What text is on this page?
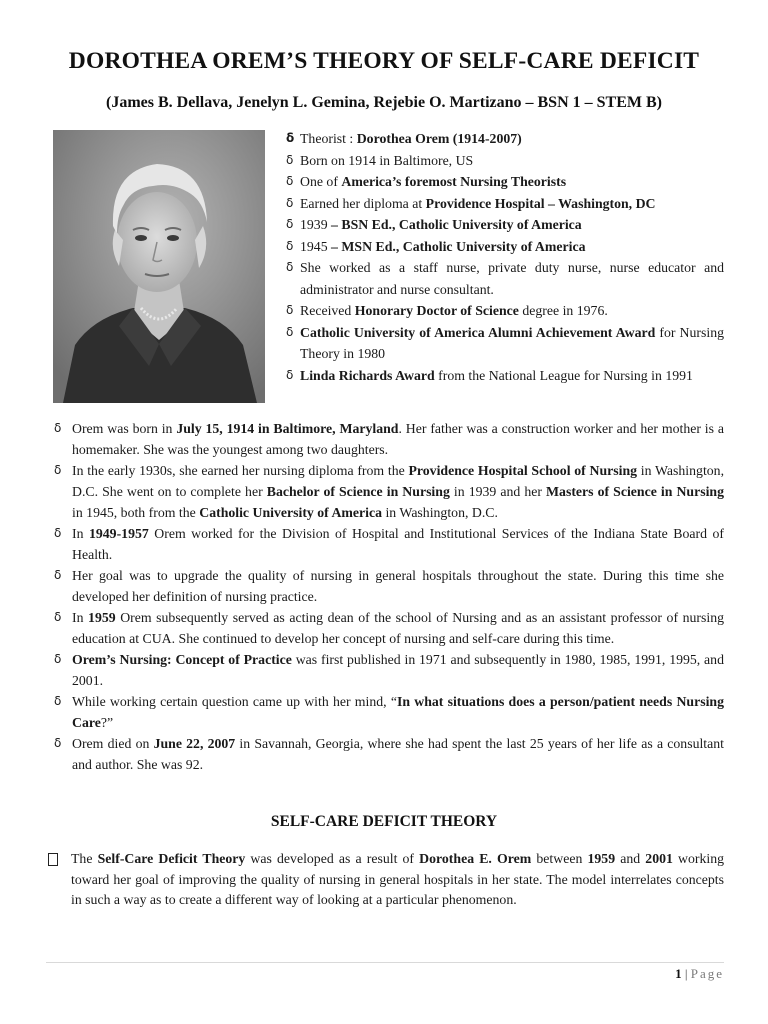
DOROTHEA OREM’S THEORY OF SELF-CARE DEFICIT
(James B. Dellava, Jenelyn L. Gemina, Rejebie O. Martizano – BSN 1 – STEM B)
δ Theorist : Dorothea Orem (1914-2007)
δ Born on 1914 in Baltimore, US
δ One of America’s foremost Nursing Theorists
δ Earned her diploma at Providence Hospital – Washington, DC
δ 1939 – BSN Ed., Catholic University of America
δ 1945 – MSN Ed., Catholic University of America
δ She worked as a staff nurse, private duty nurse, nurse educator and administrator and nurse consultant.
δ Received Honorary Doctor of Science degree in 1976.
δ Catholic University of America Alumni Achievement Award for Nursing Theory in 1980
δ Linda Richards Award from the National League for Nursing in 1991
δ Orem was born in July 15, 1914 in Baltimore, Maryland. Her father was a construction worker and her mother is a homemaker. She was the youngest among two daughters.
δ In the early 1930s, she earned her nursing diploma from the Providence Hospital School of Nursing in Washington, D.C. She went on to complete her Bachelor of Science in Nursing in 1939 and her Masters of Science in Nursing in 1945, both from the Catholic University of America in Washington, D.C.
δ In 1949-1957 Orem worked for the Division of Hospital and Institutional Services of the Indiana State Board of Health.
δ Her goal was to upgrade the quality of nursing in general hospitals throughout the state. During this time she developed her definition of nursing practice.
δ In 1959 Orem subsequently served as acting dean of the school of Nursing and as an assistant professor of nursing education at CUA. She continued to develop her concept of nursing and self-care during this time.
δ Orem’s Nursing: Concept of Practice was first published in 1971 and subsequently in 1980, 1985, 1991, 1995, and 2001.
δ While working certain question came up with her mind, “In what situations does a person/patient needs Nursing Care?”
δ Orem died on June 22, 2007 in Savannah, Georgia, where she had spent the last 25 years of her life as a consultant and author. She was 92.
SELF-CARE DEFICIT THEORY
The Self-Care Deficit Theory was developed as a result of Dorothea E. Orem between 1959 and 2001 working toward her goal of improving the quality of nursing in general hospitals in her state. The model interrelates concepts in such a way as to create a different way of looking at a particular phenomenon.
1 | Page
